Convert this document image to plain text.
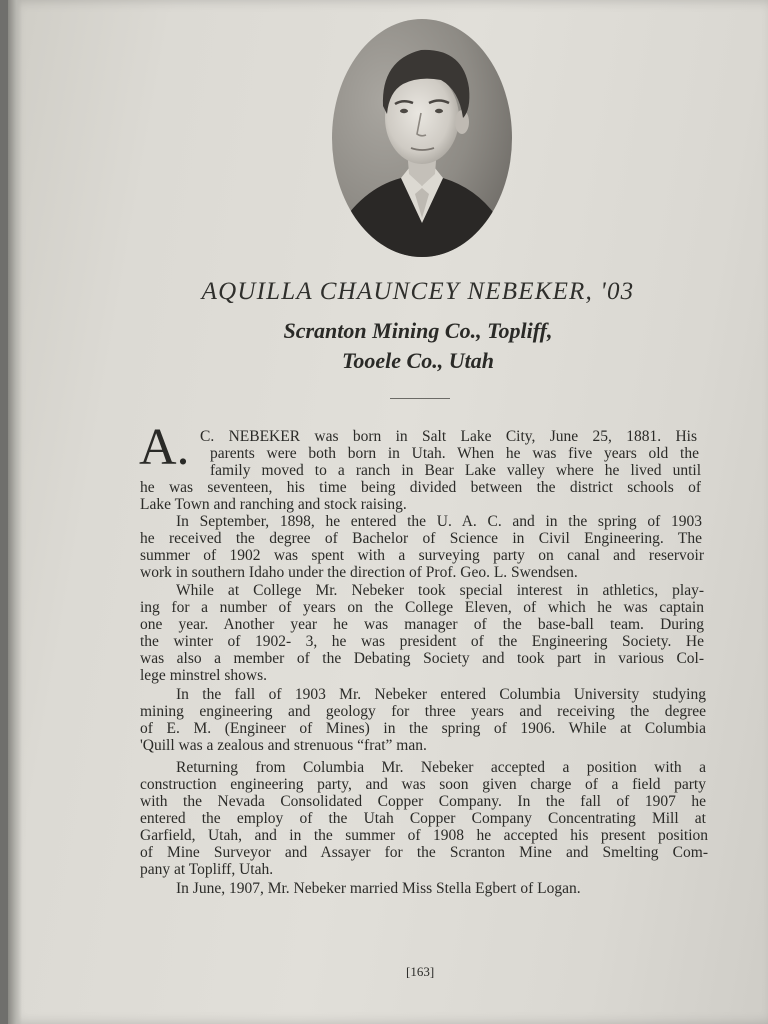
AQUILLA CHAUNCEY NEBEKER, '03
Scranton Mining Co., Topliff,
Tooele Co., Utah
A. C. NEBEKER was born in Salt Lake City, June 25, 1881. His
parents were both born in Utah. When he was five years old the
family moved to a ranch in Bear Lake valley where he lived until
he was seventeen, his time being divided between the district schools of
Lake Town and ranching and stock raising.
In September, 1898, he entered the U. A. C. and in the spring of 1903
he received the degree of Bachelor of Science in Civil Engineering. The
summer of 1902 was spent with a surveying party on canal and reservoir
work in southern Idaho under the direction of Prof. Geo. L. Swendsen.
While at College Mr. Nebeker took special interest in athletics, play-
ing for a number of years on the College Eleven, of which he was captain
one year. Another year he was manager of the base-ball team. During
the winter of 1902- 3, he was president of the Engineering Society. He
was also a member of the Debating Society and took part in various Col-
lege minstrel shows.
In the fall of 1903 Mr. Nebeker entered Columbia University studying
mining engineering and geology for three years and receiving the degree
of E. M. (Engineer of Mines) in the spring of 1906. While at Columbia
'Quill was a zealous and strenuous “frat” man.
Returning from Columbia Mr. Nebeker accepted a position with a
construction engineering party, and was soon given charge of a field party
with the Nevada Consolidated Copper Company. In the fall of 1907 he
entered the employ of the Utah Copper Company Concentrating Mill at
Garfield, Utah, and in the summer of 1908 he accepted his present position
of Mine Surveyor and Assayer for the Scranton Mine and Smelting Com-
pany at Topliff, Utah.
In June, 1907, Mr. Nebeker married Miss Stella Egbert of Logan.
[163]
